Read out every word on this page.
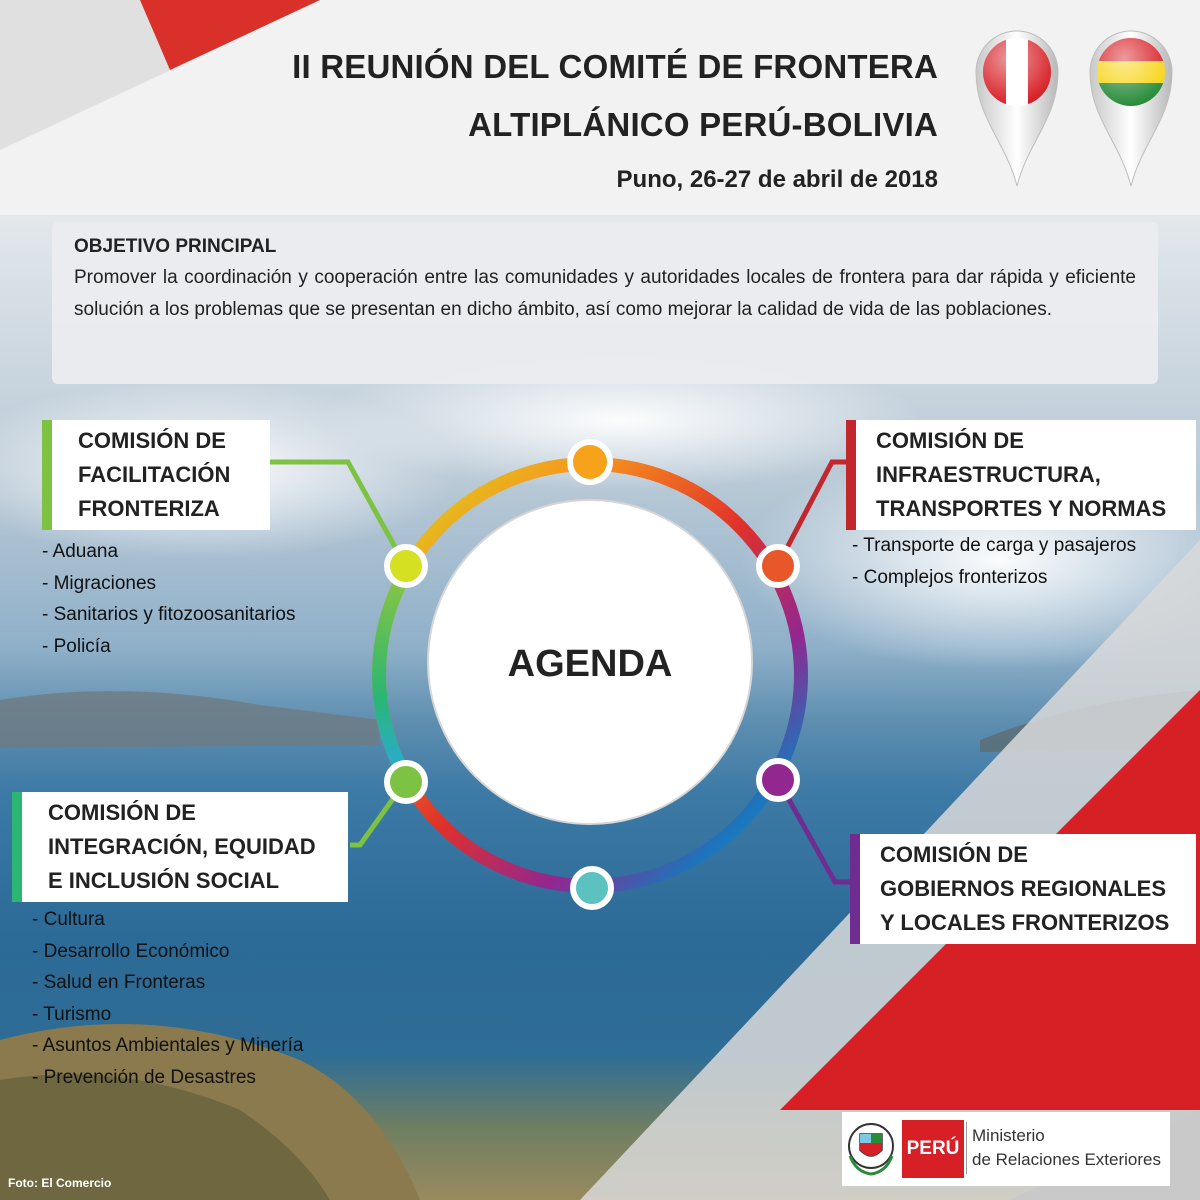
II REUNIÓN DEL COMITÉ DE FRONTERA
ALTIPLÁNICO PERÚ-BOLIVIA
Puno, 26-27 de abril de 2018
OBJETIVO PRINCIPAL
Promover la coordinación y cooperación entre las comunidades y autoridades locales de frontera para dar rápida y eficiente solución a los problemas que se presentan en dicho ámbito, así como mejorar la calidad de vida de las poblaciones.
AGENDA
COMISIÓN DE
FACILITACIÓN
FRONTERIZA
- Aduana
- Migraciones
- Sanitarios y fitozoosanitarios
- Policía
COMISIÓN DE
INFRAESTRUCTURA,
TRANSPORTES Y NORMAS
- Transporte de carga y pasajeros
- Complejos fronterizos
COMISIÓN DE
INTEGRACIÓN, EQUIDAD
E INCLUSIÓN SOCIAL
- Cultura
- Desarrollo Económico
- Salud en Fronteras
- Turismo
- Asuntos Ambientales y Minería
- Prevención de Desastres
COMISIÓN DE
GOBIERNOS REGIONALES
Y LOCALES FRONTERIZOS
Foto: El Comercio
PERÚ
Ministerio
de Relaciones Exteriores
